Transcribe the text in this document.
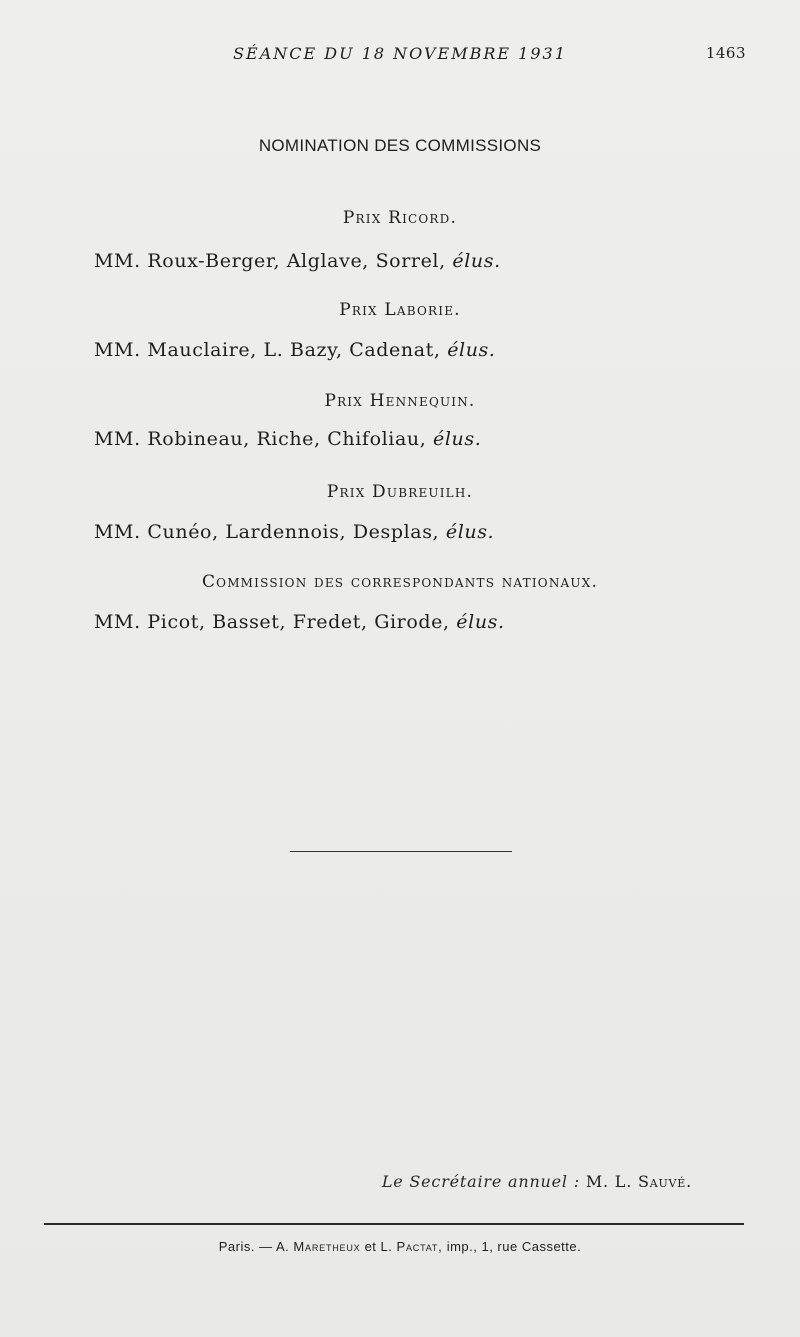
SÉANCE DU 18 NOVEMBRE 1931	1463
NOMINATION DES COMMISSIONS
Prix Ricord.
MM. Roux-Berger, Alglave, Sorrel, élus.
Prix Laborie.
MM. Mauclaire, L. Bazy, Cadenat, élus.
Prix Hennequin.
MM. Robineau, Riche, Chifoliau, élus.
Prix Dubreuilh.
MM. Cunéo, Lardennois, Desplas, élus.
Commission des correspondants nationaux.
MM. Picot, Basset, Fredet, Girode, élus.
Le Secrétaire annuel : M. L. Sauvé.
Paris. — A. Maretheux et L. Pactat, imp., 1, rue Cassette.
